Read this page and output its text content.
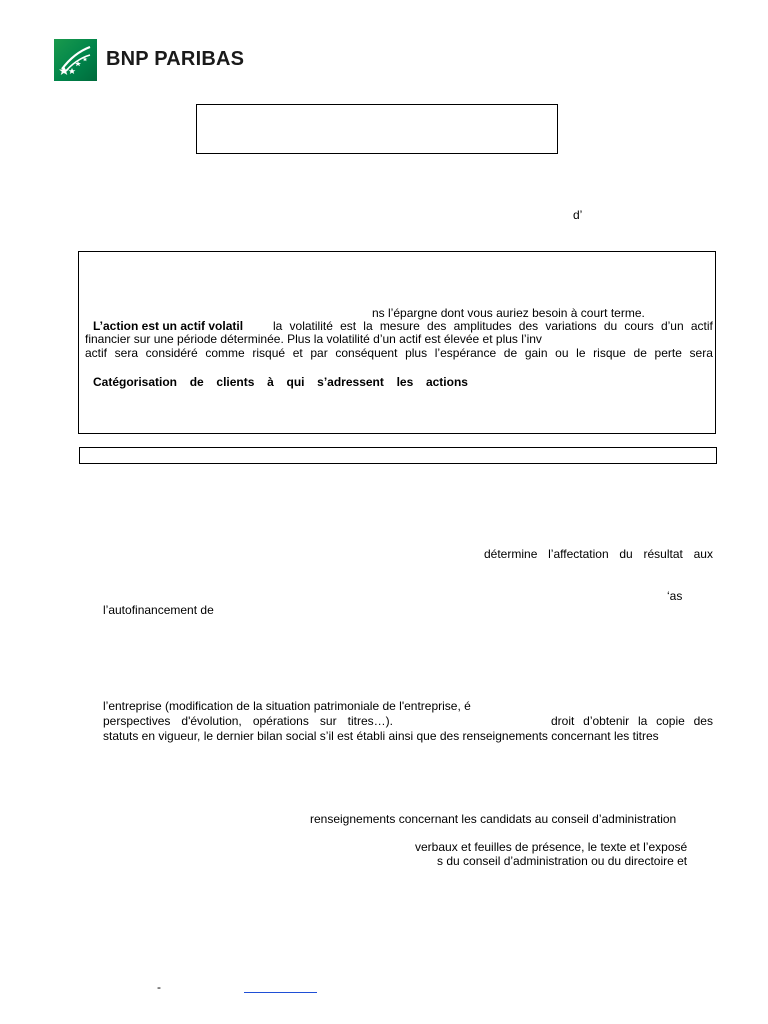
BNP PARIBAS
d’
ns l’épargne dont vous auriez besoin à court terme.
L’action est un actif volatil la volatilité est la mesure des amplitudes des variations du cours d’un actif
financier sur une période déterminée. Plus la volatilité d’un actif est élevée et plus l’inv
actif sera considéré comme risqué et par conséquent plus l’espérance de gain ou le risque de perte sera
Catégorisation de clients à qui s’adressent les actions
détermine l’affectation du résultat aux
‘as
l’autofinancement de
l’entreprise (modification de la situation patrimoniale de l'entreprise, é
perspectives d'évolution, opérations sur titres…).	droit d’obtenir la copie des
statuts en vigueur, le dernier bilan social s’il est établi ainsi que des renseignements concernant les titres
renseignements concernant les candidats au conseil d’administration
verbaux et feuilles de présence, le texte et l’exposé
s du conseil d’administration ou du directoire et
-
